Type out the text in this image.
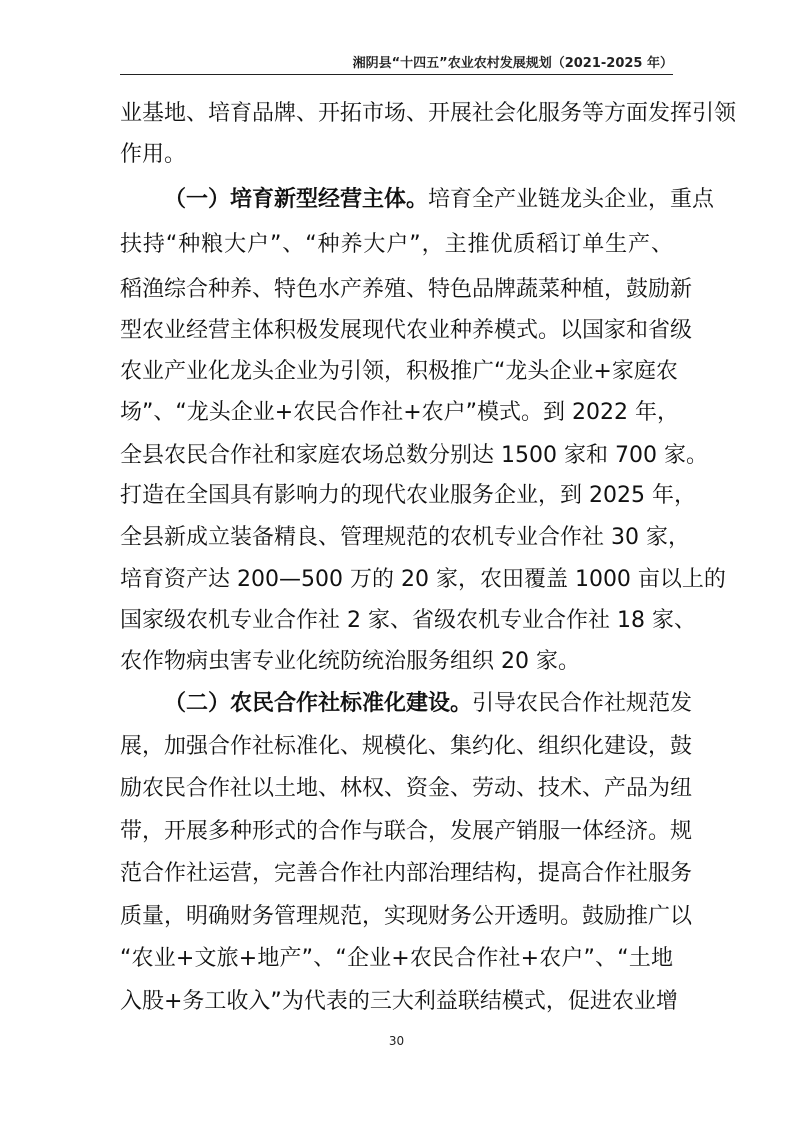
湘阴县“十四五”农业农村发展规划（2021-2025 年）
业基地、培育品牌、开拓市场、开展社会化服务等方面发挥引领
作用。
（一）培育新型经营主体。培育全产业链龙头企业，重点
扶持“种粮大户”、“种养大户”，主推优质稻订单生产、
稻渔综合种养、特色水产养殖、特色品牌蔬菜种植，鼓励新
型农业经营主体积极发展现代农业种养模式。以国家和省级
农业产业化龙头企业为引领，积极推广“龙头企业+家庭农
场”、“龙头企业+农民合作社+农户”模式。到 2022 年，
全县农民合作社和家庭农场总数分别达 1500 家和 700 家。
打造在全国具有影响力的现代农业服务企业，到 2025 年，
全县新成立装备精良、管理规范的农机专业合作社 30 家，
培育资产达 200—500 万的 20 家，农田覆盖 1000 亩以上的
国家级农机专业合作社 2 家、省级农机专业合作社 18 家、
农作物病虫害专业化统防统治服务组织 20 家。
（二）农民合作社标准化建设。引导农民合作社规范发
展，加强合作社标准化、规模化、集约化、组织化建设，鼓
励农民合作社以土地、林权、资金、劳动、技术、产品为纽
带，开展多种形式的合作与联合，发展产销服一体经济。规
范合作社运营，完善合作社内部治理结构，提高合作社服务
质量，明确财务管理规范，实现财务公开透明。鼓励推广以
“农业+文旅+地产”、“企业+农民合作社+农户”、“土地
入股+务工收入”为代表的三大利益联结模式，促进农业增
30
